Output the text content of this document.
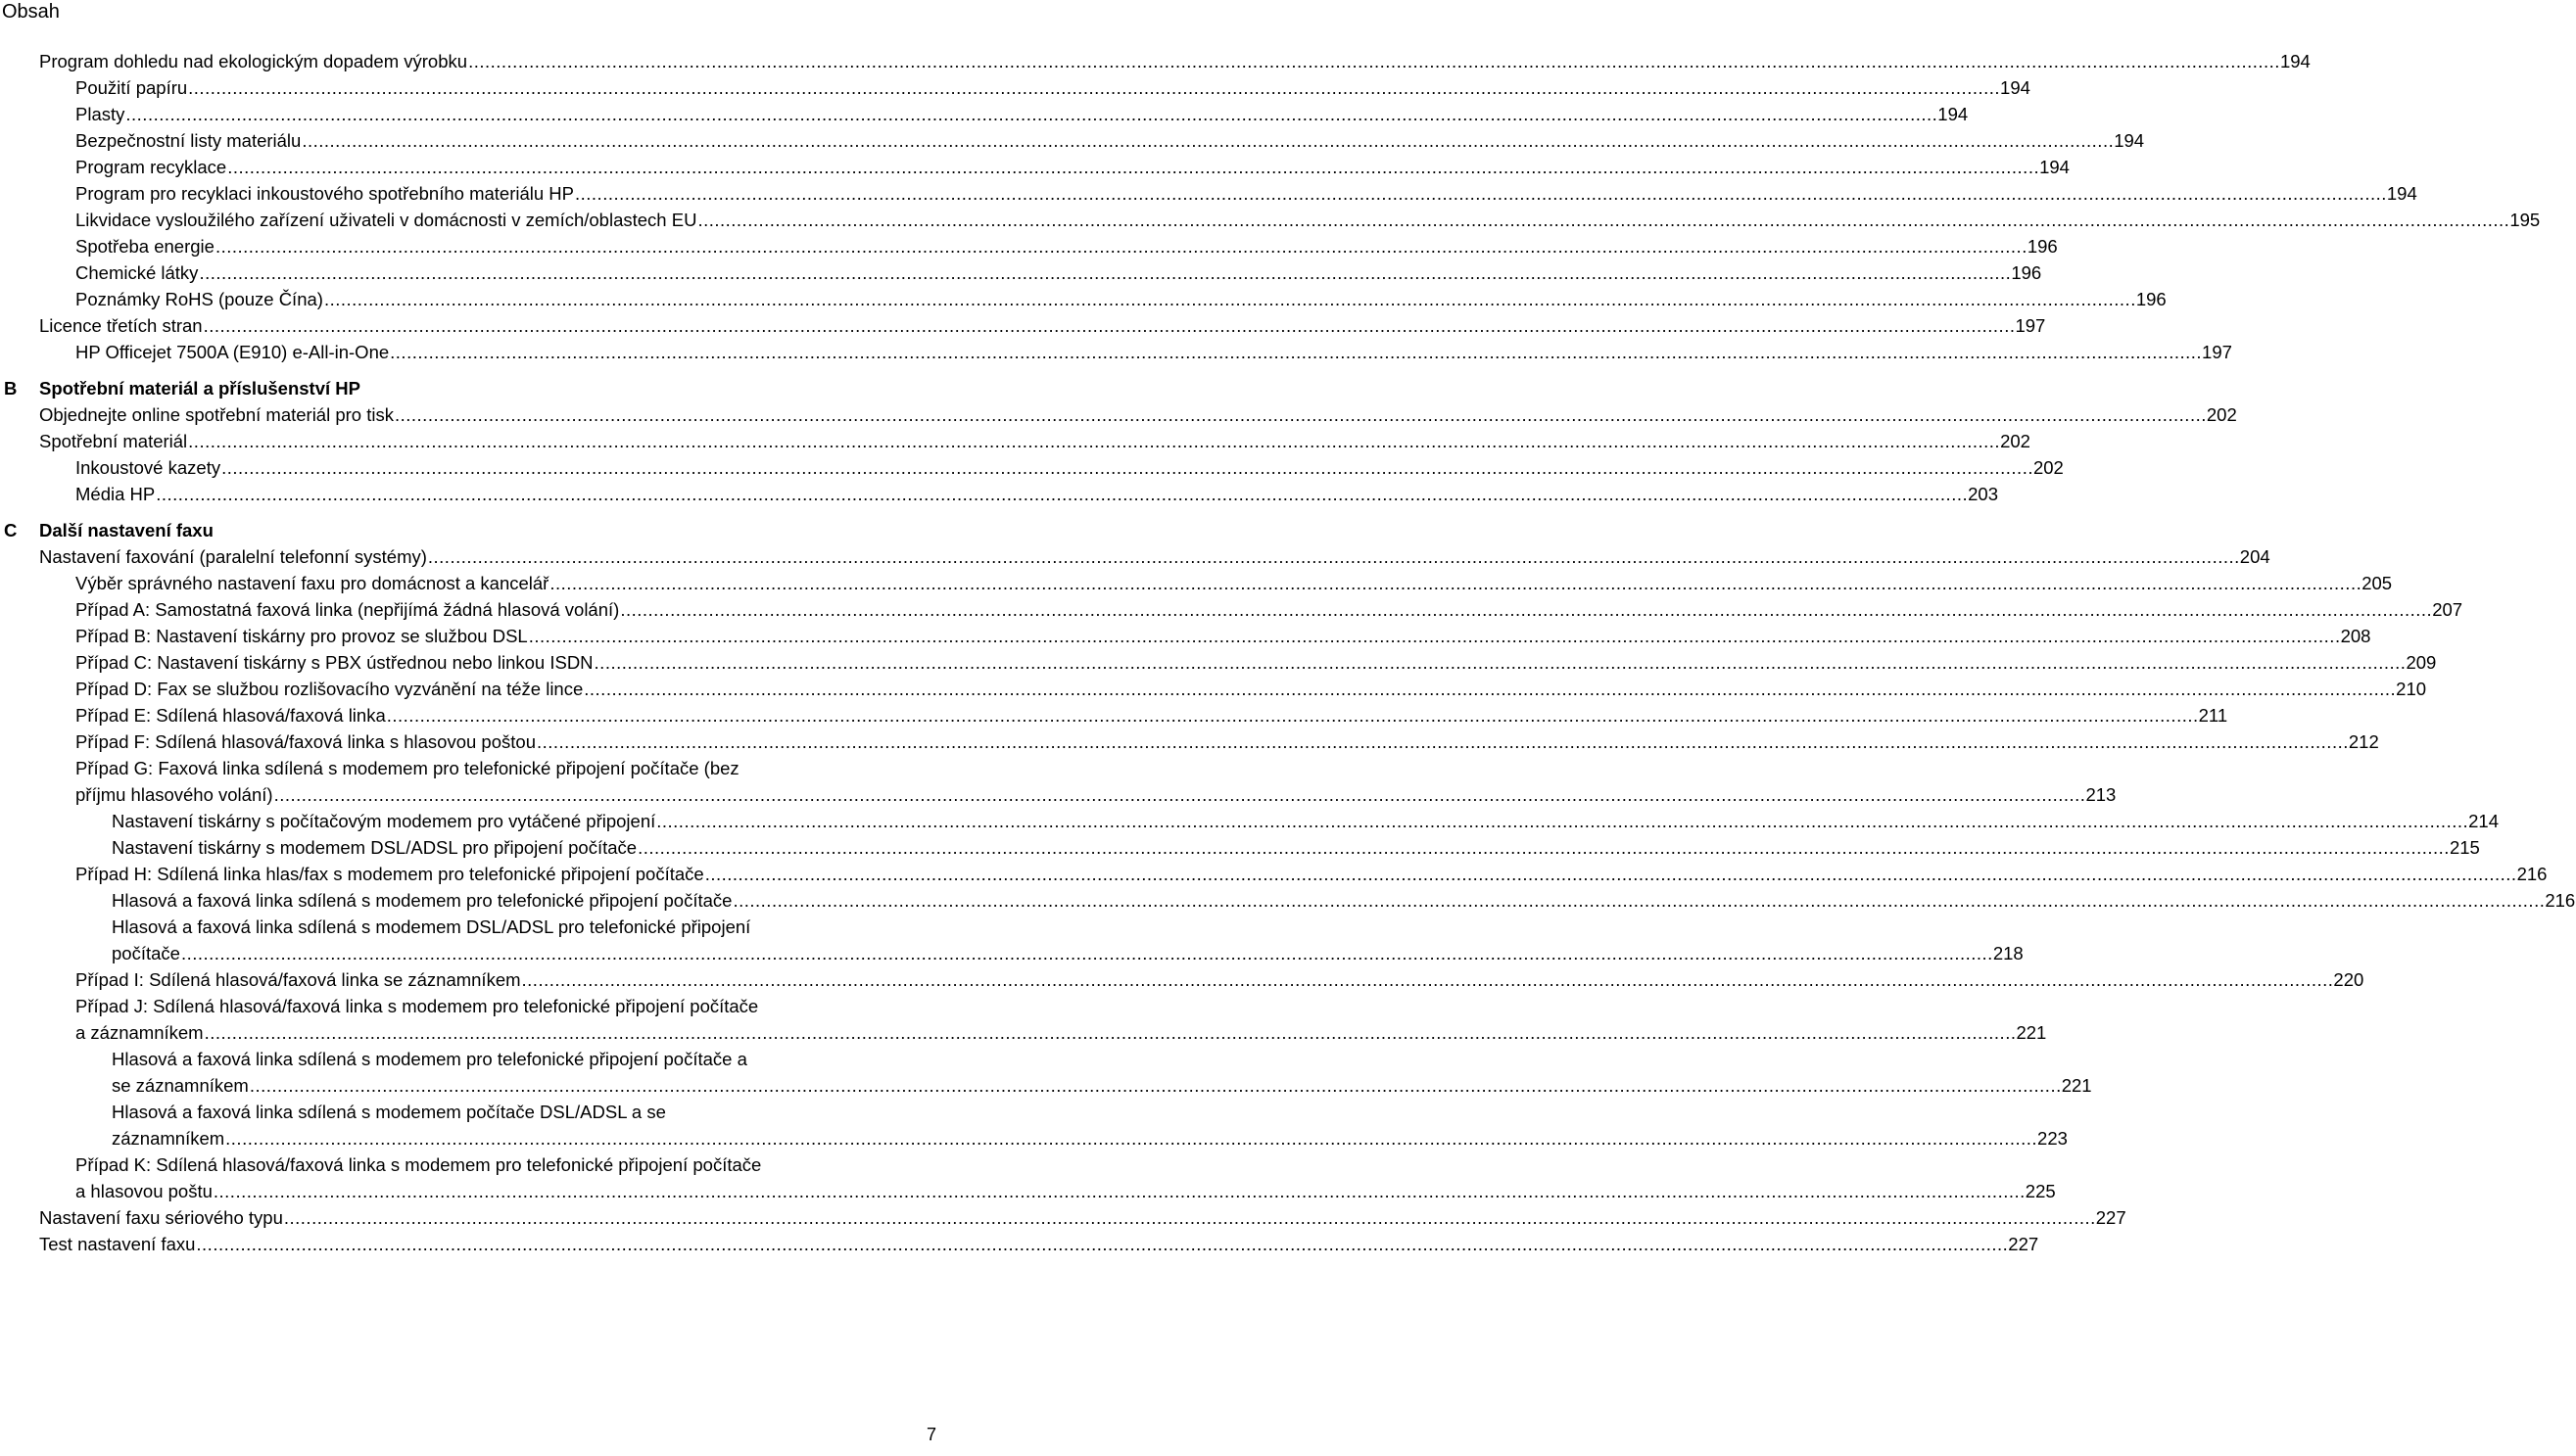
Obsah
Program dohledu nad ekologickým dopadem výrobku .....	194
Použití papíru .....	194
Plasty .....	194
Bezpečnostní listy materiálu .....	194
Program recyklace .....	194
Program pro recyklaci inkoustového spotřebního materiálu HP .....	194
Likvidace vysloužilého zařízení uživateli v domácnosti v zemích/oblastech EU .....	195
Spotřeba energie .....	196
Chemické látky .....	196
Poznámky RoHS (pouze Čína) .....	196
Licence třetích stran .....	197
HP Officejet 7500A (E910) e-All-in-One .....	197
B	Spotřební materiál a příslušenství HP
Objednejte online spotřební materiál pro tisk .....	202
Spotřební materiál .....	202
Inkoustové kazety .....	202
Média HP .....	203
C	Další nastavení faxu
Nastavení faxování (paralelní telefonní systémy) .....	204
Výběr správného nastavení faxu pro domácnost a kancelář .....	205
Případ A: Samostatná faxová linka (nepřijímá žádná hlasová volání) .....	207
Případ B: Nastavení tiskárny pro provoz se službou DSL .....	208
Případ C: Nastavení tiskárny s PBX ústřednou nebo linkou ISDN .....	209
Případ D: Fax se službou rozlišovacího vyzvánění na téže lince .....	210
Případ E: Sdílená hlasová/faxová linka .....	211
Případ F: Sdílená hlasová/faxová linka s hlasovou poštou .....	212
Případ G: Faxová linka sdílená s modemem pro telefonické připojení počítače (bez
příjmu hlasového volání) .....	213
Nastavení tiskárny s počítačovým modemem pro vytáčené připojení .....	214
Nastavení tiskárny s modemem DSL/ADSL pro připojení počítače .....	215
Případ H: Sdílená linka hlas/fax s modemem pro telefonické připojení počítače .....	216
Hlasová a faxová linka sdílená s modemem pro telefonické připojení počítače .....	216
Hlasová a faxová linka sdílená s modemem DSL/ADSL pro telefonické připojení
počítače .....	218
Případ I: Sdílená hlasová/faxová linka se záznamníkem .....	220
Případ J: Sdílená hlasová/faxová linka s modemem pro telefonické připojení počítače
a záznamníkem .....	221
Hlasová a faxová linka sdílená s modemem pro telefonické připojení počítače a
se záznamníkem .....	221
Hlasová a faxová linka sdílená s modemem počítače DSL/ADSL a se
záznamníkem .....	223
Případ K: Sdílená hlasová/faxová linka s modemem pro telefonické připojení počítače
a hlasovou poštu .....	225
Nastavení faxu sériového typu .....	227
Test nastavení faxu .....	227
7
